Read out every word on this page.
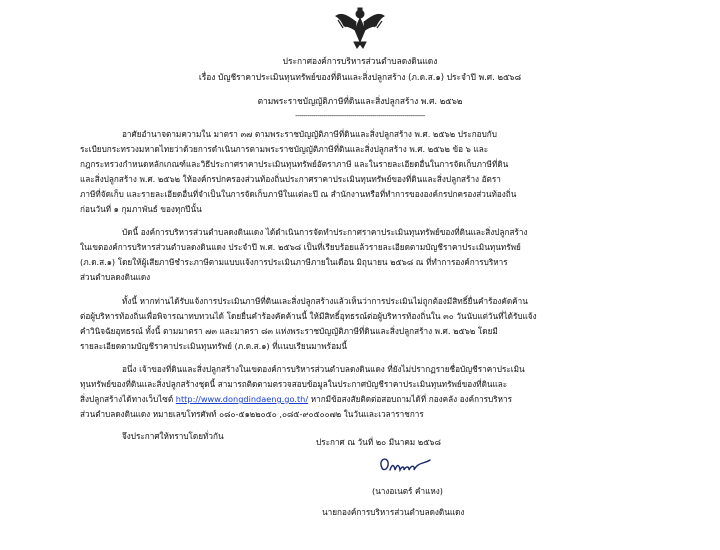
ประกาศองค์การบริหารส่วนตำบลดงดินแดง
เรื่อง บัญชีราคาประเมินทุนทรัพย์ของที่ดินและสิ่งปลูกสร้าง (ภ.ด.ส.๑) ประจำปี พ.ศ. ๒๕๖๘
ตามพระราชบัญญัติภาษีที่ดินและสิ่งปลูกสร้าง พ.ศ. ๒๕๖๒
----------------------------------------------------------------
อาศัยอำนาจตามความใน มาตรา ๓๗ ตามพระราชบัญญัติภาษีที่ดินและสิ่งปลูกสร้าง พ.ศ. ๒๕๖๒ ประกอบกับ
ระเบียบกระทรวงมหาดไทยว่าด้วยการดำเนินการตามพระราชบัญญัติภาษีที่ดินและสิ่งปลูกสร้าง พ.ศ. ๒๕๖๒ ข้อ ๖ และ
กฎกระทรวงกำหนดหลักเกณฑ์และวิธีประกาศราคาประเมินทุนทรัพย์อัตราภาษี และในรายละเอียดอื่นในการจัดเก็บภาษีที่ดิน
และสิ่งปลูกสร้าง พ.ศ. ๒๕๖๒ ให้องค์กรปกครองส่วนท้องถิ่นประกาศราคาประเมินทุนทรัพย์ของที่ดินและสิ่งปลูกสร้าง อัตรา
ภาษีที่จัดเก็บ และรายละเอียดอื่นที่จำเป็นในการจัดเก็บภาษีในแต่ละปี ณ สำนักงานหรือที่ทำการขององค์กรปกครองส่วนท้องถิ่น
ก่อนวันที่ ๑ กุมภาพันธ์ ของทุกปีนั้น
บัดนี้ องค์การบริหารส่วนตำบลดงดินแดง ได้ดำเนินการจัดทำประกาศราคาประเมินทุนทรัพย์ของที่ดินและสิ่งปลูกสร้าง
ในเขตองค์การบริหารส่วนตำบลดงดินแดง ประจำปี พ.ศ. ๒๕๖๘ เป็นที่เรียบร้อยแล้วรายละเอียดตามบัญชีราคาประเมินทุนทรัพย์
(ภ.ด.ส.๑) โดยให้ผู้เสียภาษีชำระภาษีตามแบบแจ้งการประเมินภาษีภายในเดือน มิถุนายน ๒๕๖๘ ณ ที่ทำการองค์การบริหาร
ส่วนตำบลดงดินแดง
ทั้งนี้ หากท่านได้รับแจ้งการประเมินภาษีที่ดินและสิ่งปลูกสร้างแล้วเห็นว่าการประเมินไม่ถูกต้องมีสิทธิ์ยื่นคำร้องคัดค้าน
ต่อผู้บริหารท้องถิ่นเพื่อพิจารณาทบทวนได้ โดยยื่นคำร้องคัดค้านนี้ ให้มีสิทธิ์อุทธรณ์ต่อผู้บริหารท้องถิ่นใน ๓๐ วันนับแต่วันที่ได้รับแจ้ง
คำวินิจฉัยอุทธรณ์ ทั้งนี้ ตามมาตรา ๗๓ และมาตรา ๘๓ แห่งพระราชบัญญัติภาษีที่ดินและสิ่งปลูกสร้าง พ.ศ. ๒๕๖๒ โดยมี
รายละเอียดตามบัญชีราคาประเมินทุนทรัพย์ (ภ.ด.ส.๑) ที่แนบเรียนมาพร้อมนี้
อนึ่ง เจ้าของที่ดินและสิ่งปลูกสร้างในเขตองค์การบริหารส่วนตำบลดงดินแดง ที่ยังไม่ปรากฏรายชื่อบัญชีราคาประเมิน
ทุนทรัพย์ของที่ดินและสิ่งปลูกสร้างชุดนี้ สามารถติดตามตรวจสอบข้อมูลในประกาศบัญชีราคาประเมินทุนทรัพย์ของที่ดินและ
สิ่งปลูกสร้างได้ทางเว็บไซต์ http://www.dongdindaeng.go.th/ หากมีข้อสงสัยติดต่อสอบถามได้ที่ กองคลัง องค์การบริหาร
ส่วนตำบลดงดินแดง หมายเลขโทรศัพท์ ๐๘๐-๕๑๒๒๐๕๐ ,๐๘๕-๙๐๕๐๐๗๒ ในวันและเวลาราชการ
จึงประกาศให้ทราบโดยทั่วกัน
ประกาศ ณ วันที่ ๒๐ มีนาคม ๒๕๖๘
(นางอเนตร์ คำแหง)
นายกองค์การบริหารส่วนตำบลดงดินแดง
